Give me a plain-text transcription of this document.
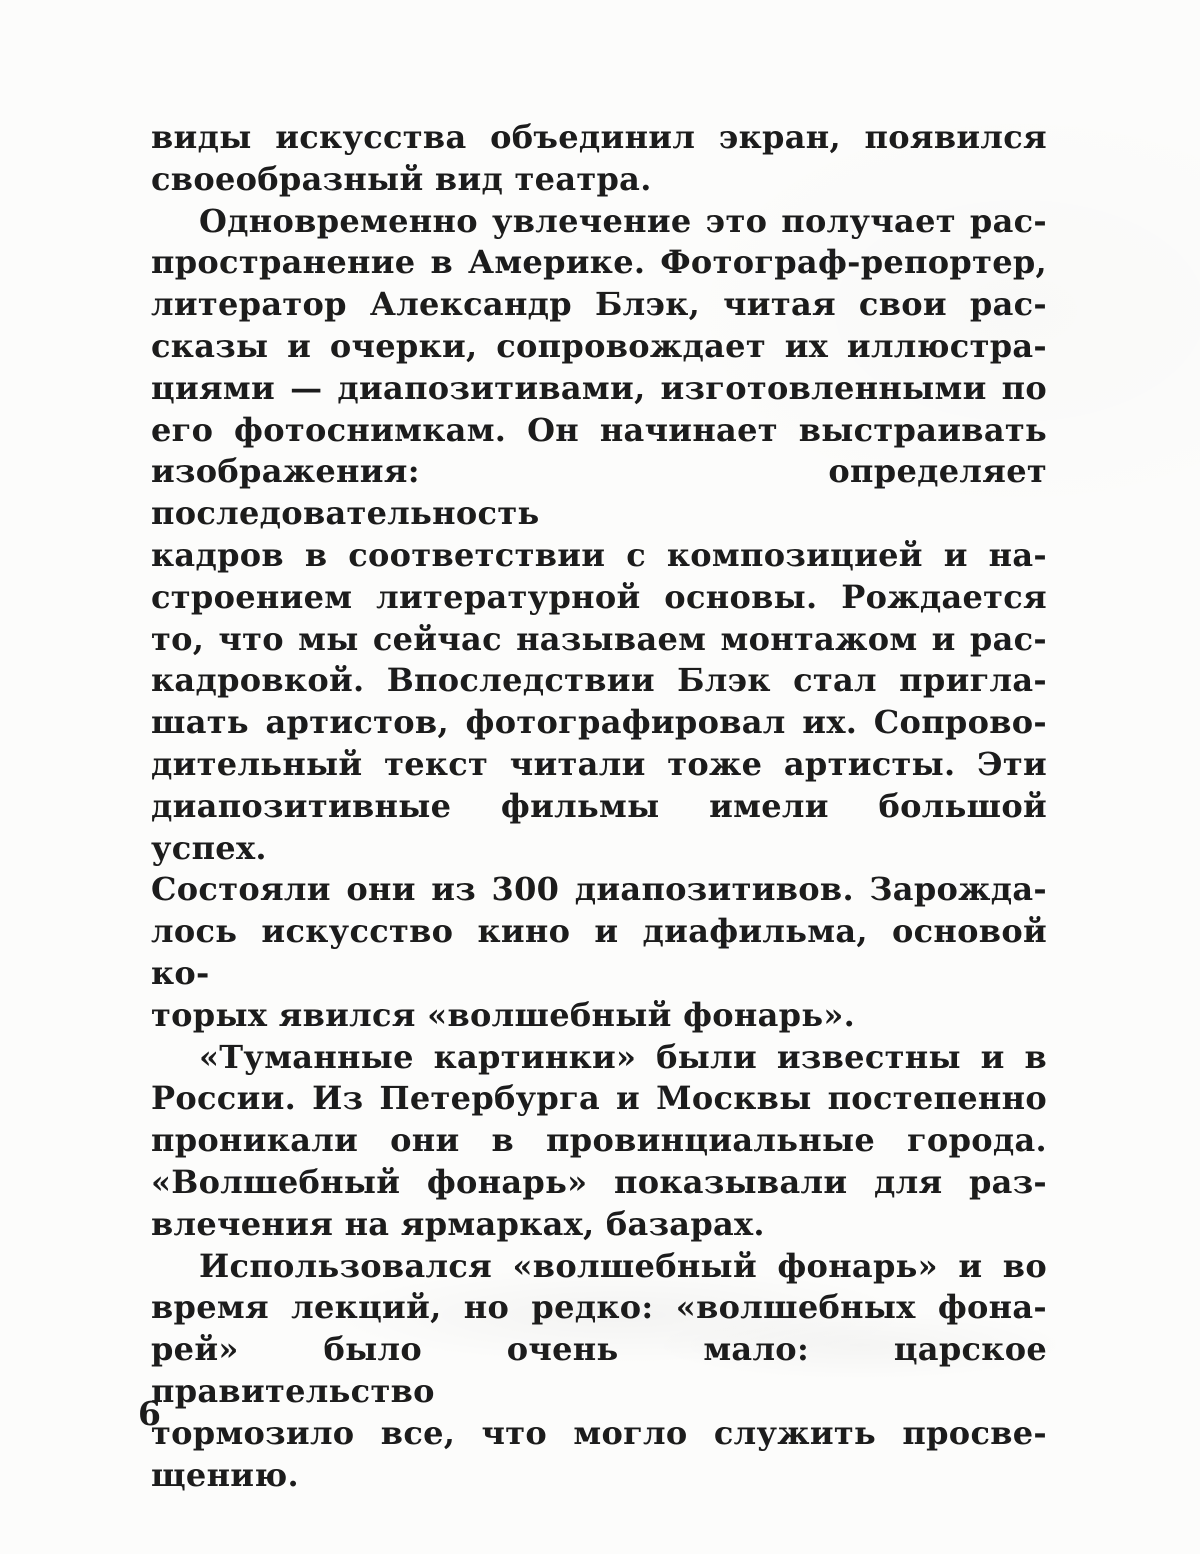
виды искусства объединил экран, появился
своеобразный вид театра.
Одновременно увлечение это получает рас-
пространение в Америке. Фотограф-репортер,
литератор Александр Блэк, читая свои рас-
сказы и очерки, сопровождает их иллюстра-
циями — диапозитивами, изготовленными по
его фотоснимкам. Он начинает выстраивать
изображения: определяет последовательность
кадров в соответствии с композицией и на-
строением литературной основы. Рождается
то, что мы сейчас называем монтажом и рас-
кадровкой. Впоследствии Блэк стал пригла-
шать артистов, фотографировал их. Сопрово-
дительный текст читали тоже артисты. Эти
диапозитивные фильмы имели большой успех.
Состояли они из 300 диапозитивов. Зарожда-
лось искусство кино и диафильма, основой ко-
торых явился «волшебный фонарь».
«Туманные картинки» были известны и в
России. Из Петербурга и Москвы постепенно
проникали они в провинциальные города.
«Волшебный фонарь» показывали для раз-
влечения на ярмарках, базарах.
Использовался «волшебный фонарь» и во
время лекций, но редко: «волшебных фона-
рей» было очень мало: царское правительство
тормозило все, что могло служить просве-
щению.
6
